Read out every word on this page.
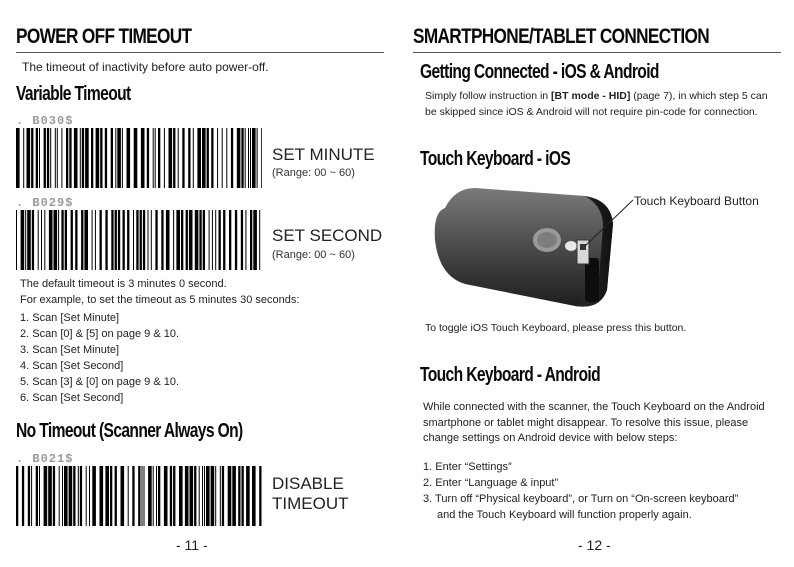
POWER OFF TIMEOUT
The timeout of inactivity before auto power-off.
Variable Timeout
. B030$
SET MINUTE
(Range: 00 ~ 60)
. B029$
SET SECOND
(Range: 00 ~ 60)
The default timeout is 3 minutes 0 second.
For example, to set the timeout as 5 minutes 30 seconds:
1. Scan [Set Minute]
2. Scan [0] & [5] on page 9 & 10.
3. Scan [Set Minute]
4. Scan [Set Second]
5. Scan [3] & [0] on page 9 & 10.
6. Scan [Set Second]
No Timeout (Scanner Always On)
. B021$
DISABLE
TIMEOUT
- 11 -
SMARTPHONE/TABLET CONNECTION
Getting Connected - iOS & Android
Simply follow instruction in [BT mode - HID] (page 7), in which step 5 can be skipped since iOS & Android will not require pin-code for connection.
Touch Keyboard - iOS
Touch Keyboard Button
To toggle iOS Touch Keyboard, please press this button.
Touch Keyboard - Android
While connected with the scanner, the Touch Keyboard on the Android smartphone or tablet might disappear. To resolve this issue, please change settings on Android device with below steps:
1. Enter “Settings”
2. Enter “Language & input”
3. Turn off “Physical keyboard”, or Turn on “On-screen keyboard”
and the Touch Keyboard will function properly again.
- 12 -
